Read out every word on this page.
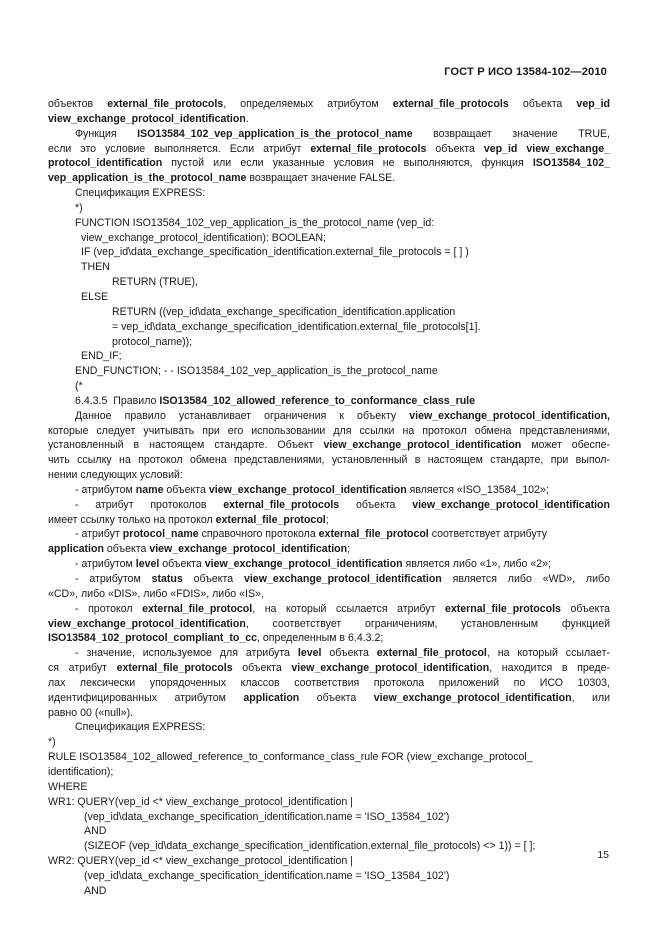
ГОСТ Р ИСО 13584-102—2010
объектов external_file_protocols, определяемых атрибутом external_file_protocols объекта vep_id
view_exchange_protocol_identification.
Функция ISO13584_102_vep_application_is_the_protocol_name возвращает значение TRUE,
если это условие выполняется. Если атрибут external_file_protocols объекта vep_id view_exchange_
protocol_identification пустой или если указанные условия не выполняются, функция ISO13584_102_
vep_application_is_the_protocol_name возвращает значение FALSE.
Спецификация EXPRESS:
*)
FUNCTION ISO13584_102_vep_application_is_the_protocol_name (vep_id:
view_exchange_protocol_identification): BOOLEAN;
IF (vep_id\data_exchange_specification_identification.external_file_protocols = [ ] )
THEN
RETURN (TRUE),
ELSE
RETURN ((vep_id\data_exchange_specification_identification.application
= vep_id\data_exchange_specification_identification.external_file_protocols[1].
protocol_name));
END_IF;
END_FUNCTION; - - ISO13584_102_vep_application_is_the_protocol_name
(*
6.4.3.5  Правило ISO13584_102_allowed_reference_to_conformance_class_rule
Данное правило устанавливает ограничения к объекту view_exchange_protocol_identification,
которые следует учитывать при его использовании для ссылки на протокол обмена представлениями,
установленный в настоящем стандарте. Объект view_exchange_protocol_identification может обеспе-
чить ссылку на протокол обмена представлениями, установленный в настоящем стандарте, при выпол-
нении следующих условий:
- атрибутом name объекта view_exchange_protocol_identification является «ISO_13584_102»;
- атрибут протоколов external_file_protocols объекта view_exchange_protocol_identification
имеет ссылку только на протокол external_file_protocol;
- атрибут protocol_name справочного протокола external_file_protocol соответствует атрибуту
application объекта view_exchange_protocol_identification;
- атрибутом level объекта view_exchange_protocol_identification является либо «1», либо «2»;
- атрибутом status объекта view_exchange_protocol_identification является либо «WD», либо
«CD», либо «DIS», либо «FDIS», либо «IS»,
- протокол external_file_protocol, на который ссылается атрибут external_file_protocols объекта
view_exchange_protocol_identification, соответствует ограничениям, установленным функцией
ISO13584_102_protocol_compliant_to_cc, определенным в 6.4.3.2;
- значение, используемое для атрибута level объекта external_file_protocol, на который ссылает-
ся атрибут external_file_protocols объекта view_exchange_protocol_identification, находится в преде-
лах лексически упорядоченных классов соответствия протокола приложений по ИСО 10303,
идентифицированных атрибутом application объекта view_exchange_protocol_identification, или
равно 00 («null»).
Спецификация EXPRESS:
*)
RULE ISO13584_102_allowed_reference_to_conformance_class_rule FOR (view_exchange_protocol_
identification);
WHERE
WR1: QUERY(vep_id <* view_exchange_protocol_identification |
(vep_id\data_exchange_specification_identification.name = 'ISO_13584_102')
AND
(SIZEOF (vep_id\data_exchange_specification_identification.external_file_protocols) <> 1)) = [ ];
WR2: QUERY(vep_id <* view_exchange_protocol_identification |
(vep_id\data_exchange_specification_identification.name = 'ISO_13584_102')
AND
15
